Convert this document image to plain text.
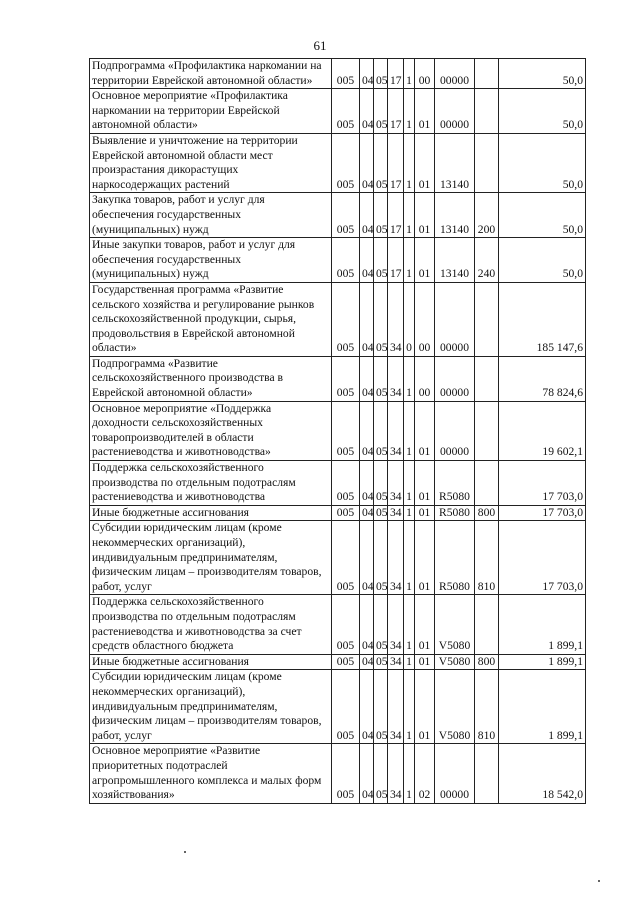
61
Подпрограмма «Профилактика наркомании на территории Еврейской автономной области»	005	04	05	17	1	00	00000		50,0

Основное мероприятие «Профилактика наркомании на территории Еврейской автономной области»	005	04	05	17	1	01	00000		50,0

Выявление и уничтожение на территории Еврейской автономной области мест произрастания дикорастущих наркосодержащих растений	005	04	05	17	1	01	13140		50,0

Закупка товаров, работ и услуг для обеспечения государственных (муниципальных) нужд	005	04	05	17	1	01	13140	200	50,0

Иные закупки товаров, работ и услуг для обеспечения государственных (муниципальных) нужд	005	04	05	17	1	01	13140	240	50,0

Государственная программа «Развитие сельского хозяйства и регулирование рынков сельскохозяйственной продукции, сырья, продовольствия в Еврейской автономной области»	005	04	05	34	0	00	00000		185 147,6

Подпрограмма «Развитие сельскохозяйственного производства в Еврейской автономной области»	005	04	05	34	1	00	00000		78 824,6

Основное мероприятие «Поддержка доходности сельскохозяйственных товаропроизводителей в области растениеводства и животноводства»	005	04	05	34	1	01	00000		19 602,1

Поддержка сельскохозяйственного производства по отдельным подотраслям растениеводства и животноводства	005	04	05	34	1	01	R5080		17 703,0

Иные бюджетные ассигнования	005	04	05	34	1	01	R5080	800	17 703,0

Субсидии юридическим лицам (кроме некоммерческих организаций), индивидуальным предпринимателям, физическим лицам – производителям товаров, работ, услуг	005	04	05	34	1	01	R5080	810	17 703,0

Поддержка сельскохозяйственного производства по отдельным подотраслям растениеводства и животноводства за счет средств областного бюджета	005	04	05	34	1	01	V5080		1 899,1

Иные бюджетные ассигнования	005	04	05	34	1	01	V5080	800	1 899,1

Субсидии юридическим лицам (кроме некоммерческих организаций), индивидуальным предпринимателям, физическим лицам – производителям товаров, работ, услуг	005	04	05	34	1	01	V5080	810	1 899,1

Основное мероприятие «Развитие приоритетных подотраслей агропромышленного комплекса и малых форм хозяйствования»	005	04	05	34	1	02	00000		18 542,0
